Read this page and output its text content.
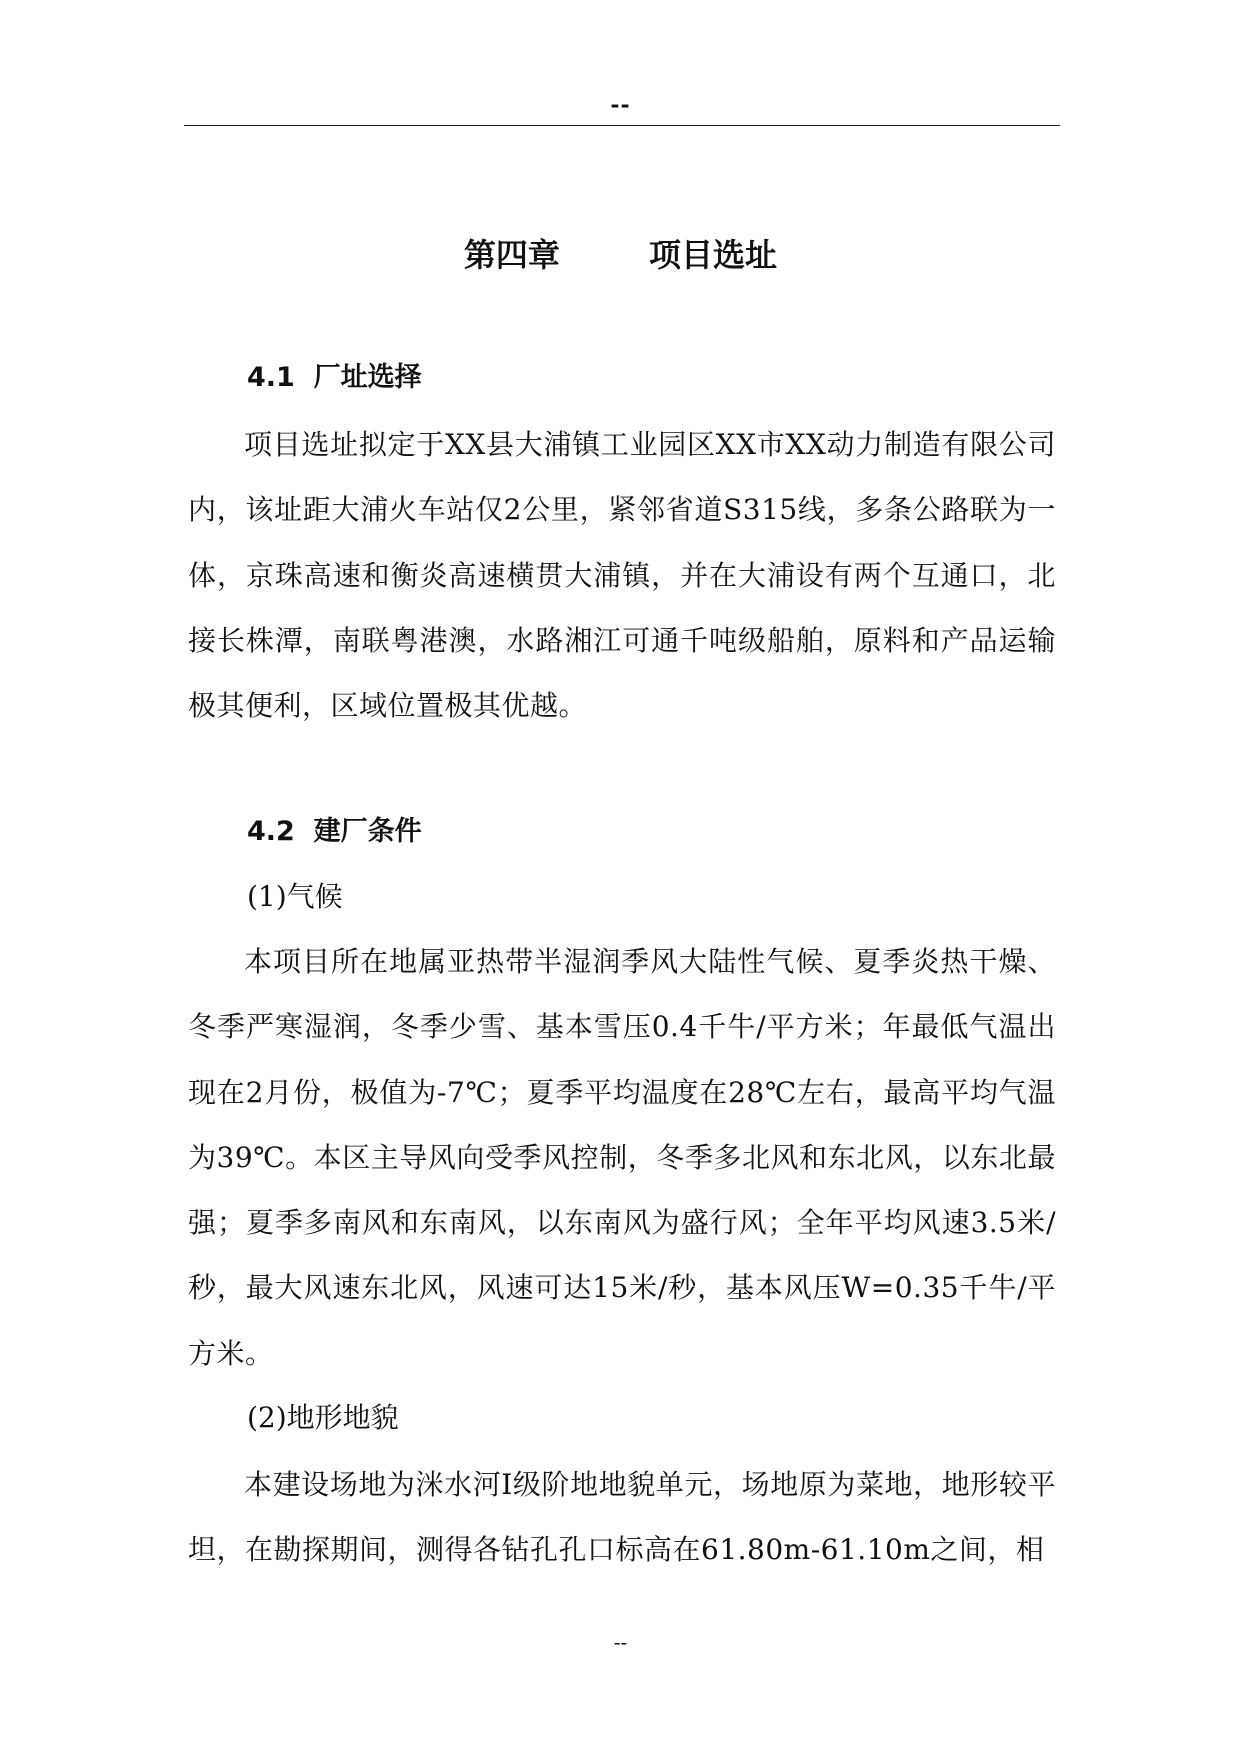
--
第四章        项目选址
4.1  厂址选择
项目选址拟定于XX县大浦镇工业园区XX市XX动力制造有限公司内，该址距大浦火车站仅2公里，紧邻省道S315线，多条公路联为一体，京珠高速和衡炎高速横贯大浦镇，并在大浦设有两个互通口，北接长株潭，南联粤港澳，水路湘江可通千吨级船舶，原料和产品运输极其便利，区域位置极其优越。
4.2  建厂条件
(1)气候
本项目所在地属亚热带半湿润季风大陆性气候、夏季炎热干燥、冬季严寒湿润，冬季少雪、基本雪压0.4千牛/平方米；年最低气温出现在2月份，极值为-7℃；夏季平均温度在28℃左右，最高平均气温为39℃。本区主导风向受季风控制，冬季多北风和东北风，以东北最强；夏季多南风和东南风，以东南风为盛行风；全年平均风速3.5米/秒，最大风速东北风，风速可达15米/秒，基本风压W=0.35千牛/平方米。
(2)地形地貌
本建设场地为洣水河Ⅰ级阶地地貌单元，场地原为菜地，地形较平坦，在勘探期间，测得各钻孔孔口标高在61.80m-61.10m之间，相
--
